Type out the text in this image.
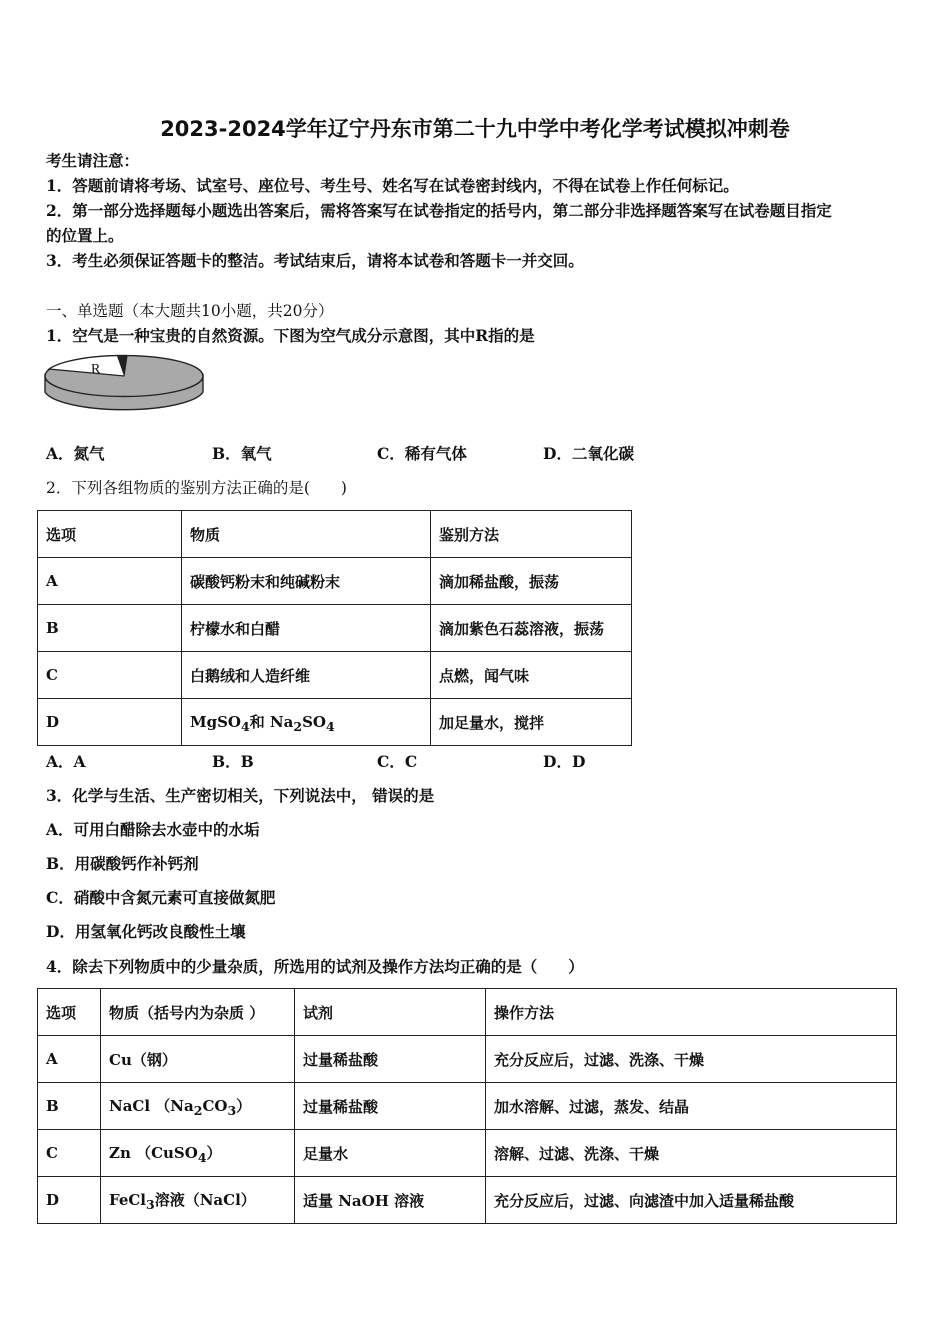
2023-2024学年辽宁丹东市第二十九中学中考化学考试模拟冲刺卷
考生请注意：
1．答题前请将考场、试室号、座位号、考生号、姓名写在试卷密封线内，不得在试卷上作任何标记。
2．第一部分选择题每小题选出答案后，需将答案写在试卷指定的括号内，第二部分非选择题答案写在试卷题目指定
的位置上。
3．考生必须保证答题卡的整洁。考试结束后，请将本试卷和答题卡一并交回。
一、单选题（本大题共10小题，共20分）
1．空气是一种宝贵的自然资源。下图为空气成分示意图，其中R指的是
R
A．氮气	B．氧气	C．稀有气体	D．二氧化碳
2．下列各组物质的鉴别方法正确的是(　　)
选项	物质	鉴别方法
A	碳酸钙粉末和纯碱粉末	滴加稀盐酸，振荡
B	柠檬水和白醋	滴加紫色石蕊溶液，振荡
C	白鹅绒和人造纤维	点燃，闻气味
D	MgSO$_4$和 $Na_2SO_4$	加足量水，搅拌
A．A	B．B	C．C	D．D
3．化学与生活、生产密切相关，下列说法中， 错误的是
A．可用白醋除去水壶中的水垢
B．用碳酸钙作补钙剂
C．硝酸中含氮元素可直接做氮肥
D．用氢氧化钙改良酸性土壤
4．除去下列物质中的少量杂质，所选用的试剂及操作方法均正确的是（　　）
选项	物质（括号内为杂质 ）	试剂	操作方法
A	Cu（钢）	过量稀盐酸	充分反应后，过滤、洗涤、干燥
B	NaCl $(Na_2CO_3)$	过量稀盐酸	加水溶解、过滤，蒸发、结晶
C	Zn （CuSO$_4$）	足量水	溶解、过滤、洗涤、干燥
D	FeCl$_3$溶液（NaCl）	适量 NaOH 溶液	充分反应后，过滤、向滤渣中加入适量稀盐酸
